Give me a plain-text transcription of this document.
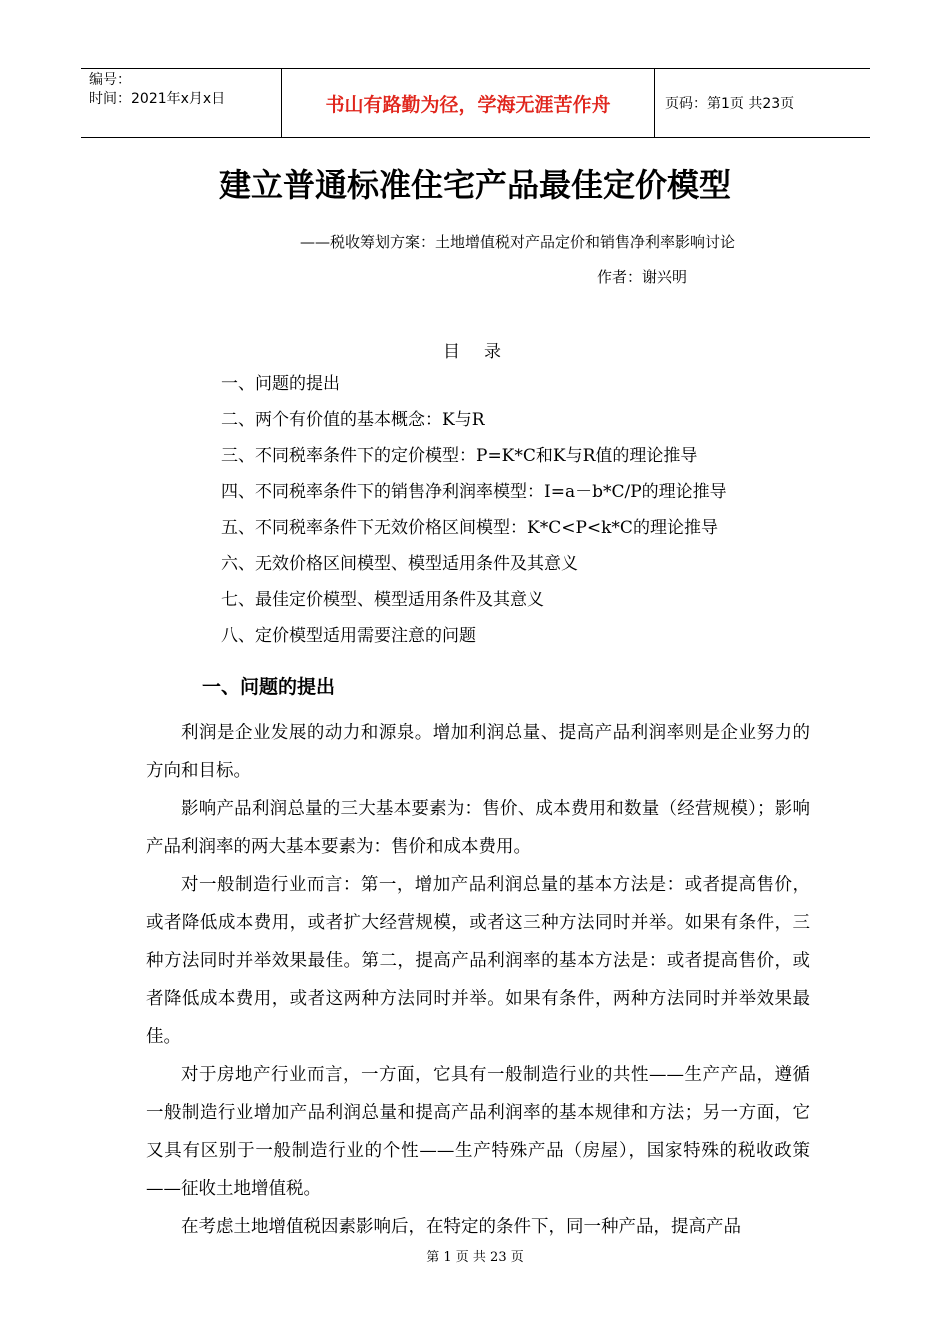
编号：
时间：2021年x月x日	书山有路勤为径，学海无涯苦作舟	页码：第1页 共23页
建立普通标准住宅产品最佳定价模型
——税收筹划方案：土地增值税对产品定价和销售净利率影响讨论
作者：谢兴明
目录
一、问题的提出
二、两个有价值的基本概念：K与R
三、不同税率条件下的定价模型：P=K*C和K与R值的理论推导
四、不同税率条件下的销售净利润率模型：I=a－b*C/P的理论推导
五、不同税率条件下无效价格区间模型：K*C<P<k*C的理论推导
六、无效价格区间模型、模型适用条件及其意义
七、最佳定价模型、模型适用条件及其意义
八、定价模型适用需要注意的问题
一、问题的提出

利润是企业发展的动力和源泉。增加利润总量、提高产品利润率则是企业努力的方向和目标。

影响产品利润总量的三大基本要素为：售价、成本费用和数量（经营规模）；影响产品利润率的两大基本要素为：售价和成本费用。

对一般制造行业而言：第一，增加产品利润总量的基本方法是：或者提高售价，或者降低成本费用，或者扩大经营规模，或者这三种方法同时并举。如果有条件，三种方法同时并举效果最佳。第二，提高产品利润率的基本方法是：或者提高售价，或者降低成本费用，或者这两种方法同时并举。如果有条件，两种方法同时并举效果最佳。

对于房地产行业而言，一方面，它具有一般制造行业的共性——生产产品，遵循一般制造行业增加产品利润总量和提高产品利润率的基本规律和方法；另一方面，它又具有区别于一般制造行业的个性——生产特殊产品（房屋），国家特殊的税收政策——征收土地增值税。

在考虑土地增值税因素影响后，在特定的条件下，同一种产品，提高产品

第 1 页 共 23 页
